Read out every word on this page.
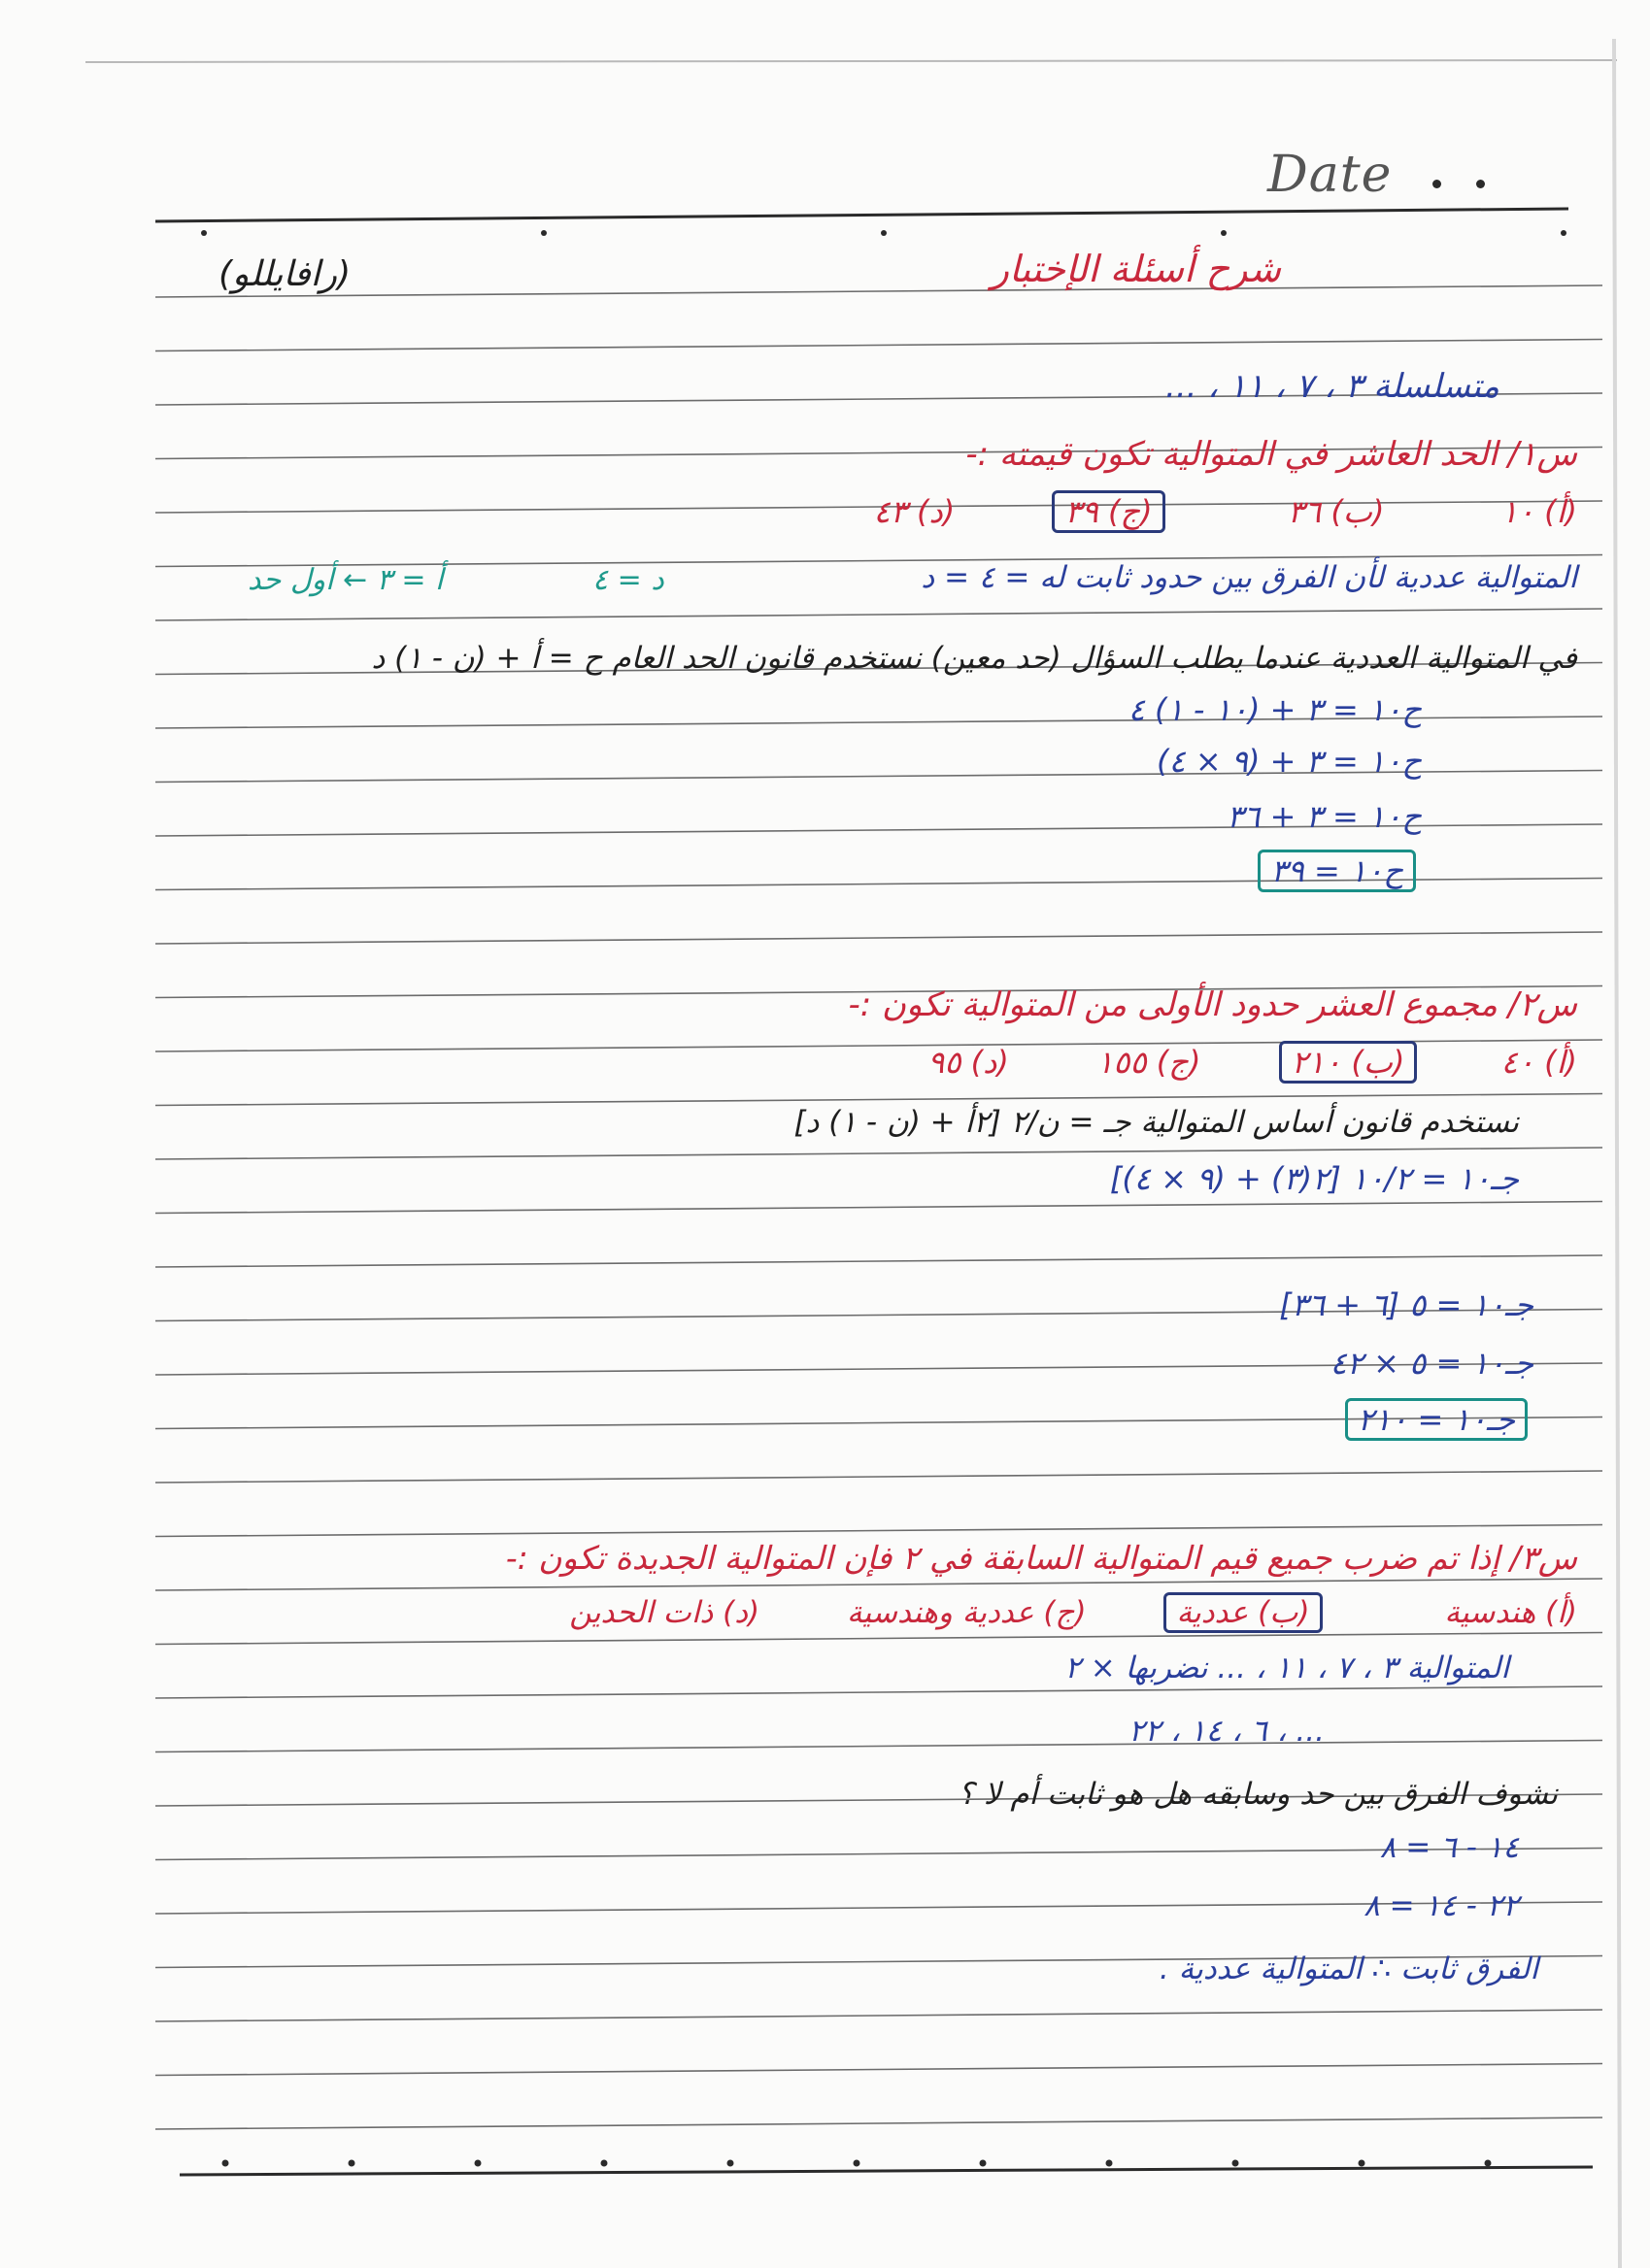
Date
شرح أسئلة الإختبار
(رافايللو)
متسلسلة ٣ ، ٧ ، ١١ ، ...
س١/ الحد العاشر في المتوالية تكون قيمته :-
(أ) ١٠ (ب) ٣٦ (ج) ٣٩ (د) ٤٣
المتوالية عددية لأن الفرق بين حدود ثابت له = ٤ = د
د = ٤
أ = ٣ ← أول حد
في المتوالية العددية عندما يطلب السؤال (حد معين) نستخدم قانون الحد العام ح = أ + (ن - ١) د
ح١٠ = ٣ + (١٠ - ١) ٤
ح١٠ = ٣ + (٩ × ٤)
ح١٠ = ٣ + ٣٦
ح١٠ = ٣٩
س٢/ مجموع العشر حدود الأولى من المتوالية تكون :-
(أ) ٤٠ (ب) ٢١٠ (ج) ١٥٥ (د) ٩٥
نستخدم قانون أساس المتوالية جـ = ن/٢ [٢أ + (ن - ١) د]
جـ١٠ = ١٠/٢ [٢(٣) + (٩ × ٤)]
جـ١٠ = ٥ [٦ + ٣٦]
جـ١٠ = ٥ × ٤٢
جـ١٠ = ٢١٠
س٣/ إذا تم ضرب جميع قيم المتوالية السابقة في ٢ فإن المتوالية الجديدة تكون :-
(أ) هندسية (ب) عددية (ج) عددية وهندسية (د) ذات الحدين
المتوالية ٣ ، ٧ ، ١١ ، ... نضربها × ٢
٦ ، ١٤ ، ٢٢ ، ...
نشوف الفرق بين حد وسابقه هل هو ثابت أم لا ؟
١٤ - ٦ = ٨
٢٢ - ١٤ = ٨
الفرق ثابت ∴ المتوالية عددية .
